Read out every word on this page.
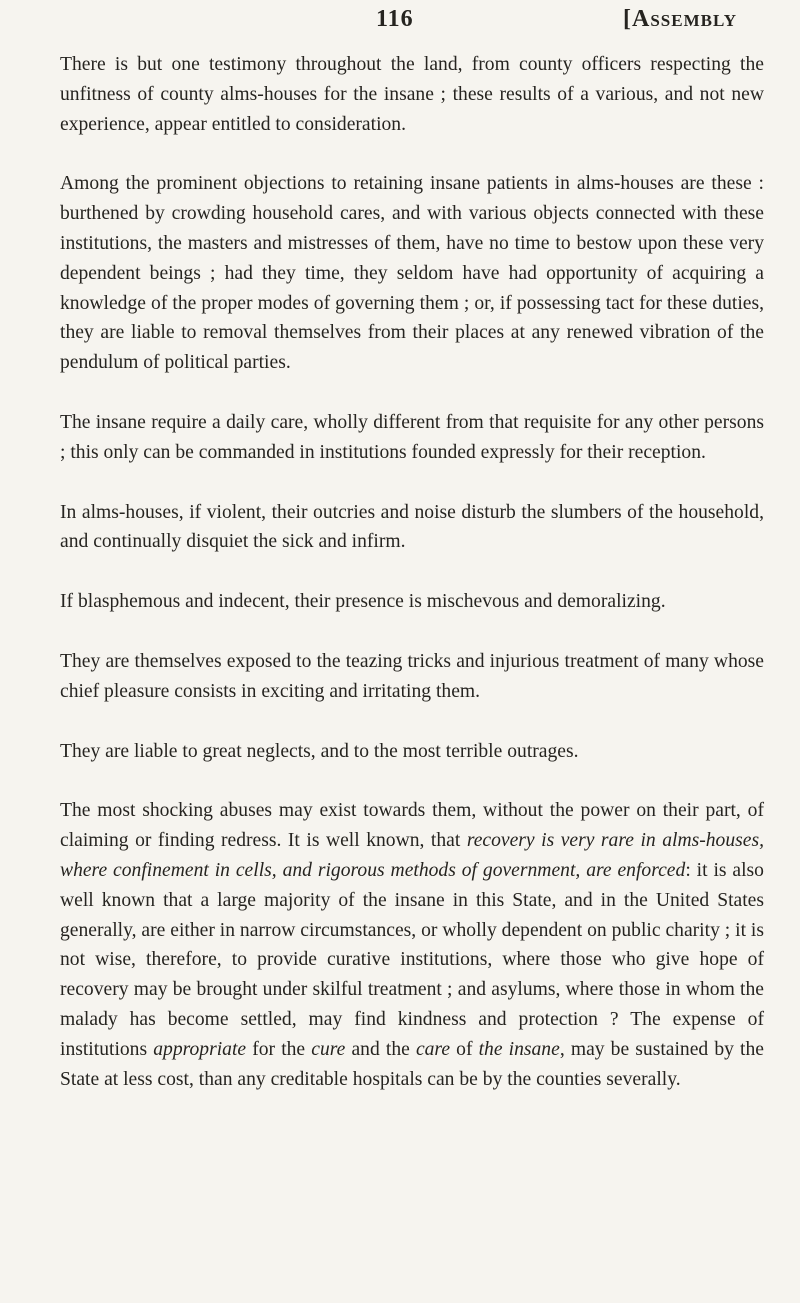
116	[Assembly

There is but one testimony throughout the land, from county officers respecting the unfitness of county alms-houses for the insane ; these results of a various, and not new experience, appear entitled to consideration.

Among the prominent objections to retaining insane patients in alms-houses are these : burthened by crowding household cares, and with various objects connected with these institutions, the masters and mistresses of them, have no time to bestow upon these very dependent beings ; had they time, they seldom have had opportunity of acquiring a knowledge of the proper modes of governing them ; or, if possessing tact for these duties, they are liable to removal themselves from their places at any renewed vibration of the pendulum of political parties.

The insane require a daily care, wholly different from that requisite for any other persons ; this only can be commanded in institutions founded expressly for their reception.

In alms-houses, if violent, their outcries and noise disturb the slumbers of the household, and continually disquiet the sick and infirm.

If blasphemous and indecent, their presence is mischevous and demoralizing.

They are themselves exposed to the teazing tricks and injurious treatment of many whose chief pleasure consists in exciting and irritating them.

They are liable to great neglects, and to the most terrible outrages.

The most shocking abuses may exist towards them, without the power on their part, of claiming or finding redress. It is well known, that recovery is very rare in alms-houses, where confinement in cells, and rigorous methods of government, are enforced: it is also well known that a large majority of the insane in this State, and in the United States generally, are either in narrow circumstances, or wholly dependent on public charity ; it is not wise, therefore, to provide curative institutions, where those who give hope of recovery may be brought under skilful treatment ; and asylums, where those in whom the malady has become settled, may find kindness and protection ? The expense of institutions appropriate for the cure and the care of the insane, may be sustained by the State at less cost, than any creditable hospitals can be by the counties severally.
